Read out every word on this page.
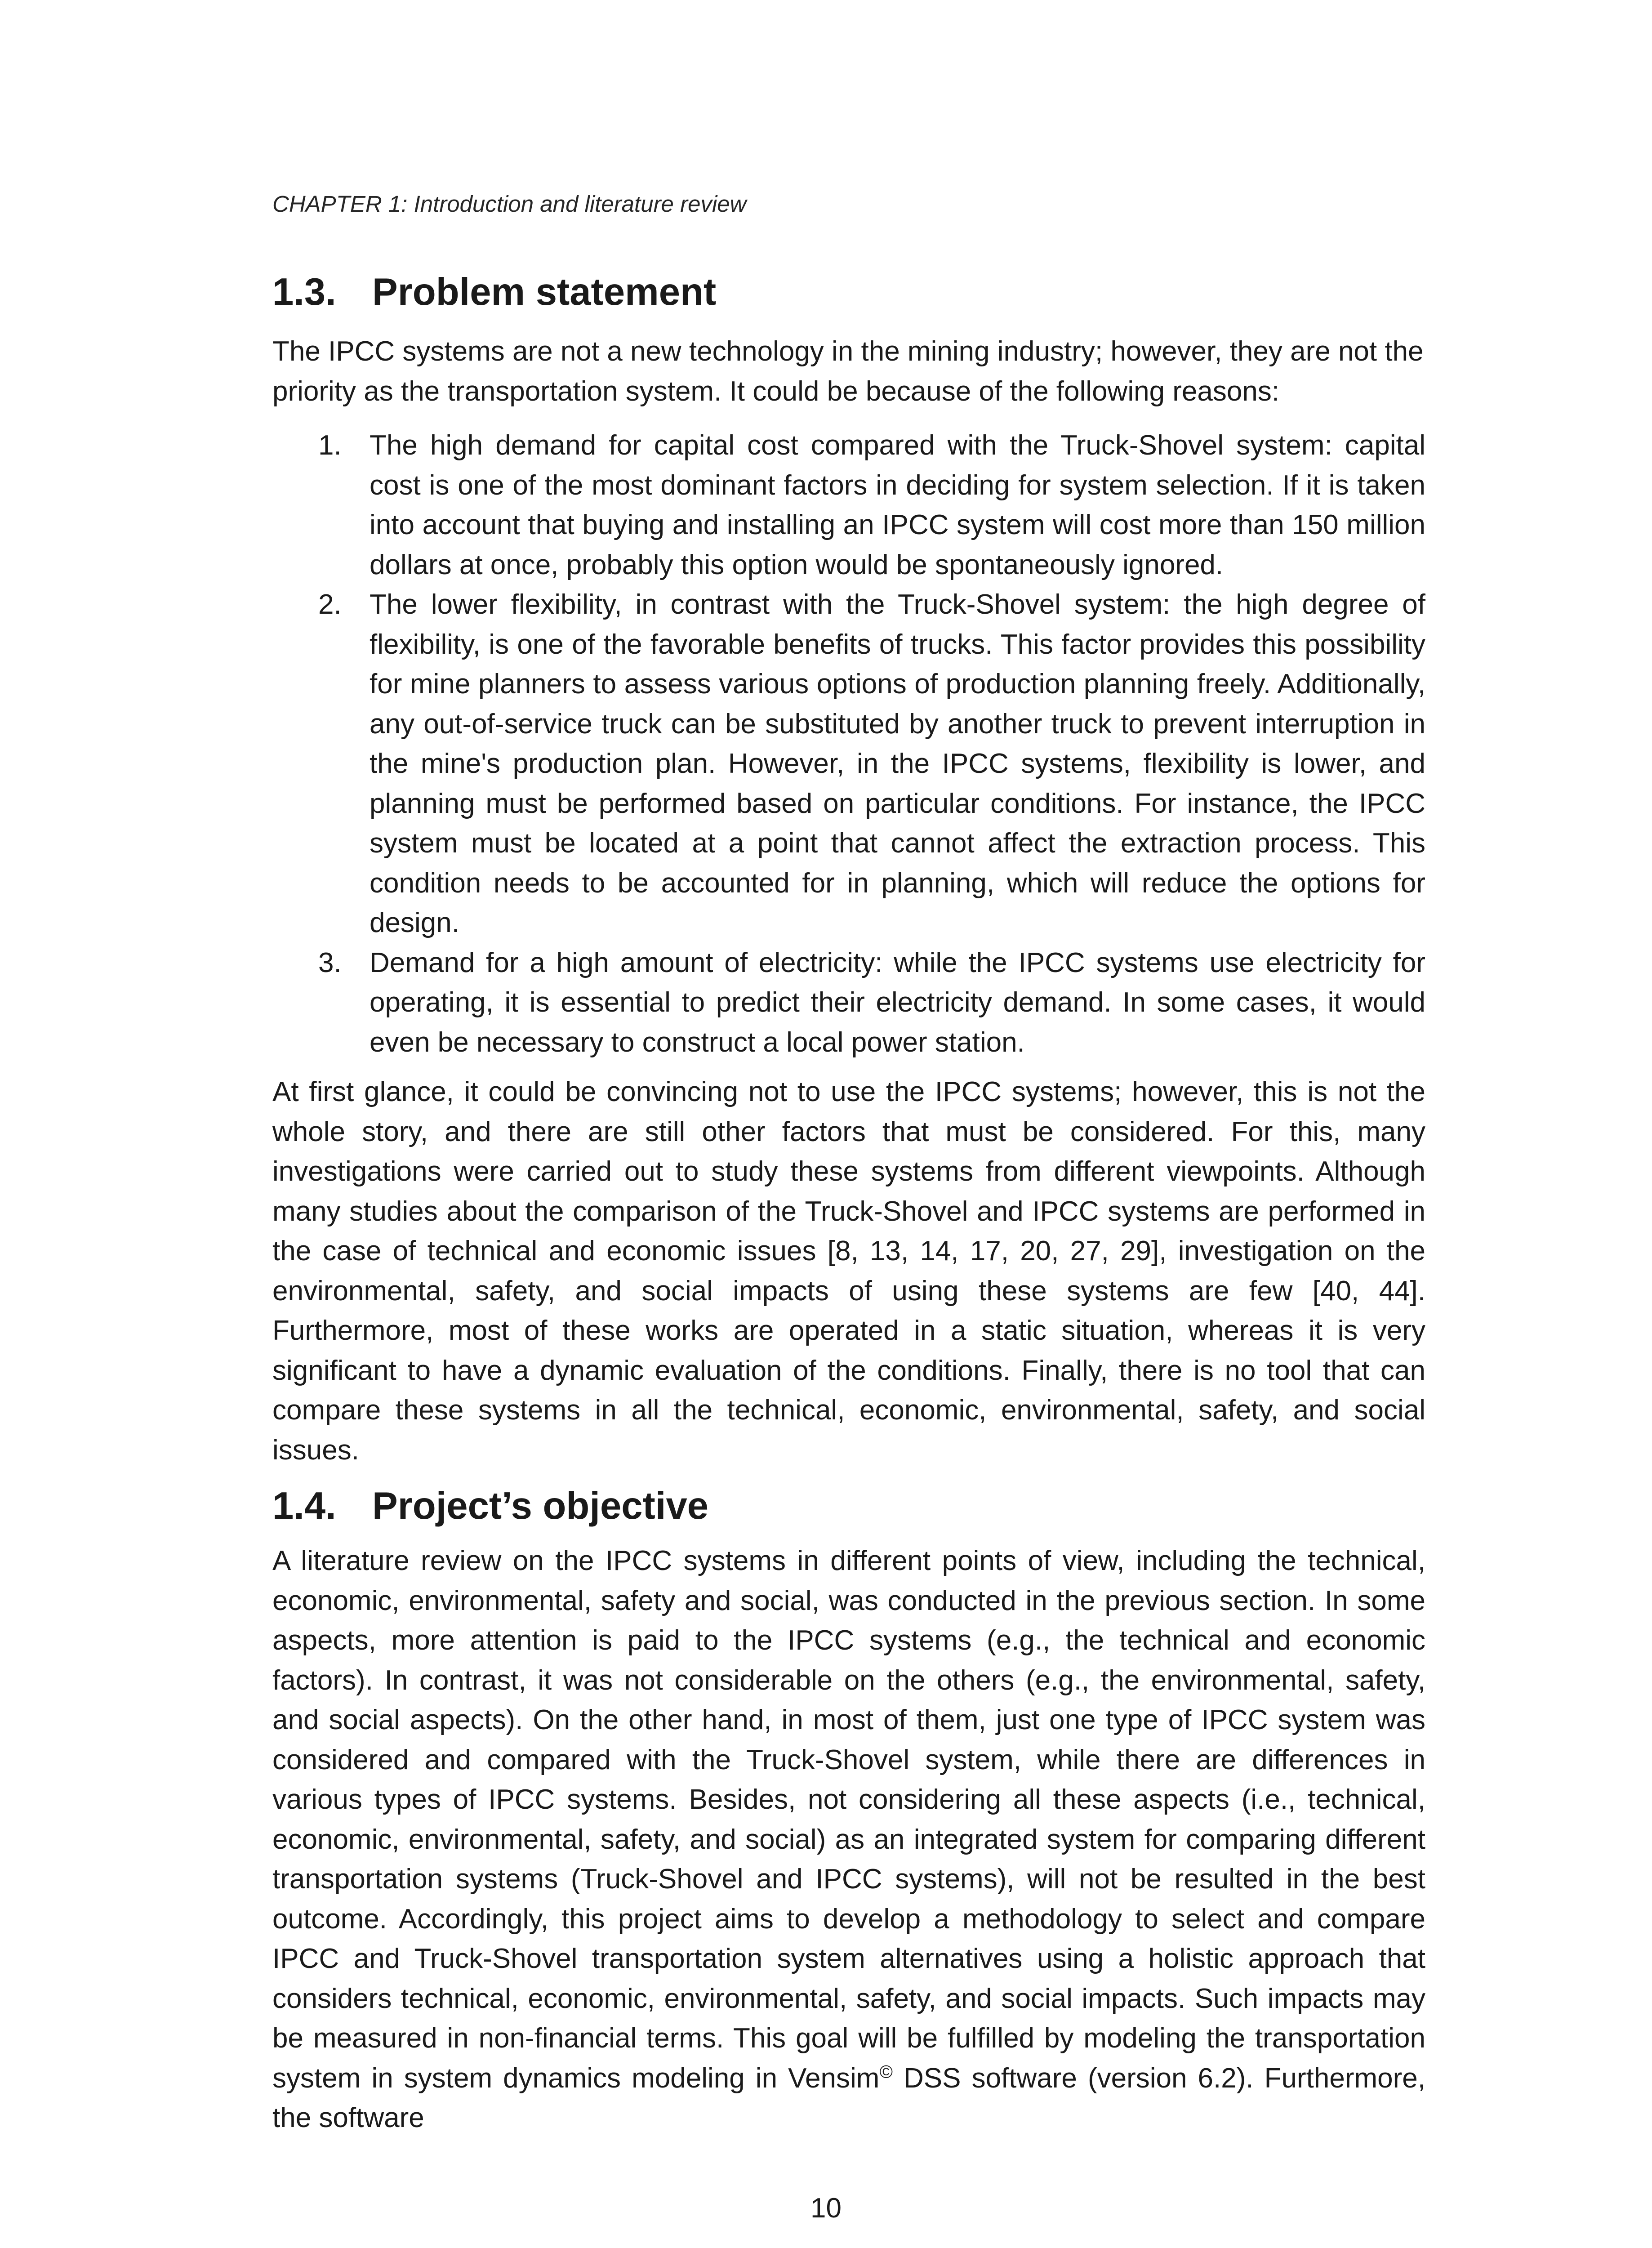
CHAPTER 1: Introduction and literature review
1.3. Problem statement

The IPCC systems are not a new technology in the mining industry; however, they are not the priority as the transportation system. It could be because of the following reasons:

1. The high demand for capital cost compared with the Truck-Shovel system: capital cost is one of the most dominant factors in deciding for system selection. If it is taken into account that buying and installing an IPCC system will cost more than 150 million dollars at once, probably this option would be spontaneously ignored.
2. The lower flexibility, in contrast with the Truck-Shovel system: the high degree of flexibility, is one of the favorable benefits of trucks. This factor provides this possibility for mine planners to assess various options of production planning freely. Additionally, any out-of-service truck can be substituted by another truck to prevent interruption in the mine's production plan. However, in the IPCC systems, flexibility is lower, and planning must be performed based on particular conditions. For instance, the IPCC system must be located at a point that cannot affect the extraction process. This condition needs to be accounted for in planning, which will reduce the options for design.
3. Demand for a high amount of electricity: while the IPCC systems use electricity for operating, it is essential to predict their electricity demand. In some cases, it would even be necessary to construct a local power station.

At first glance, it could be convincing not to use the IPCC systems; however, this is not the whole story, and there are still other factors that must be considered. For this, many investigations were carried out to study these systems from different viewpoints. Although many studies about the comparison of the Truck-Shovel and IPCC systems are performed in the case of technical and economic issues [8, 13, 14, 17, 20, 27, 29], investigation on the environmental, safety, and social impacts of using these systems are few [40, 44]. Furthermore, most of these works are operated in a static situation, whereas it is very significant to have a dynamic evaluation of the conditions. Finally, there is no tool that can compare these systems in all the technical, economic, environmental, safety, and social issues.

1.4. Project’s objective

A literature review on the IPCC systems in different points of view, including the technical, economic, environmental, safety and social, was conducted in the previous section. In some aspects, more attention is paid to the IPCC systems (e.g., the technical and economic factors). In contrast, it was not considerable on the others (e.g., the environmental, safety, and social aspects). On the other hand, in most of them, just one type of IPCC system was considered and compared with the Truck-Shovel system, while there are differences in various types of IPCC systems. Besides, not considering all these aspects (i.e., technical, economic, environmental, safety, and social) as an integrated system for comparing different transportation systems (Truck-Shovel and IPCC systems), will not be resulted in the best outcome. Accordingly, this project aims to develop a methodology to select and compare IPCC and Truck-Shovel transportation system alternatives using a holistic approach that considers technical, economic, environmental, safety, and social impacts. Such impacts may be measured in non-financial terms. This goal will be fulfilled by modeling the transportation system in system dynamics modeling in Vensim© DSS software (version 6.2). Furthermore, the software

10
